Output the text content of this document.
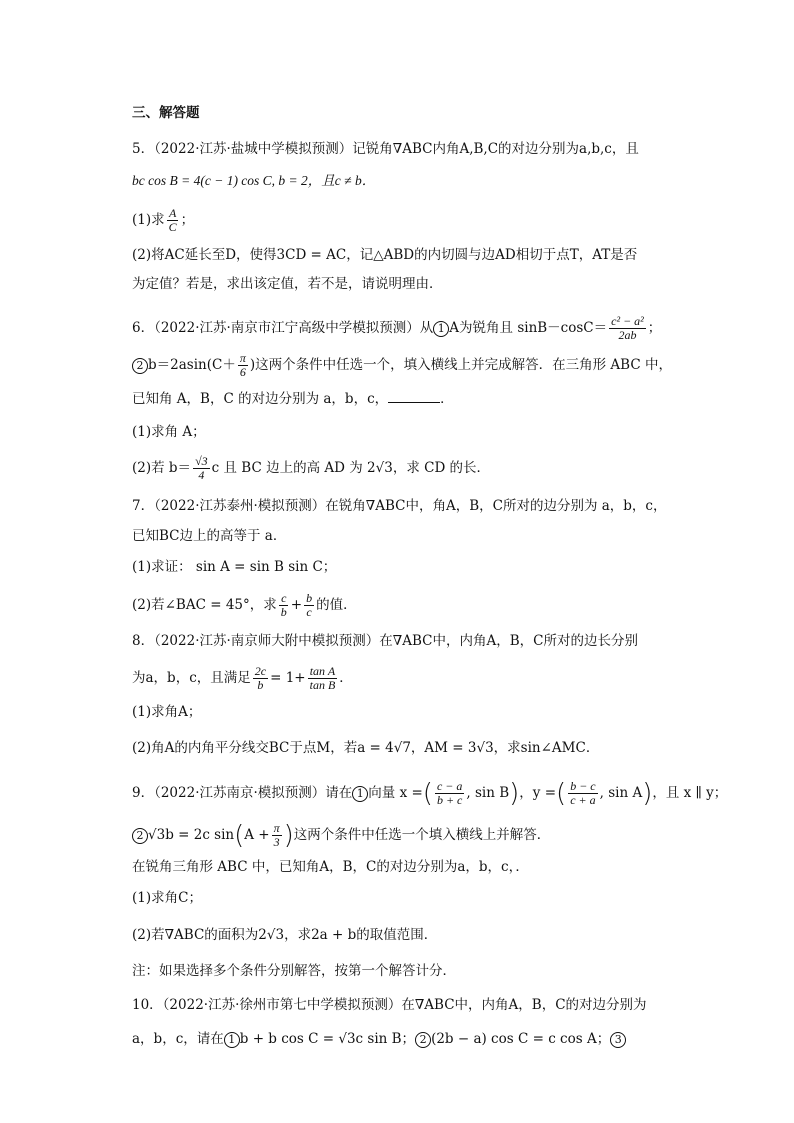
三、解答题
5．（2022·江苏·盐城中学模拟预测）记锐角∇ABC内角A,B,C的对边分别为a,b,c，且
bc cos B = 4(c − 1) cos C, b = 2，且c ≠ b．
(1)求 $\frac{A}{C}$ ；
(2)将AC延长至D，使得3CD = AC，记△ABD的内切圆与边AD相切于点T，AT是否
为定值？若是，求出该定值，若不是，请说明理由．
6．（2022·江苏·南京市江宁高级中学模拟预测）从 1 A为锐角且 $\sin B-\cos C= \frac{\text{c² − a²}}{2ab}$ ；
2 $b=2asin(C+ \frac{\pi}{6}$ )这两个条件中任选一个，填入横线上并完成解答．在三角形 ABC 中，
已知角 A，B，C 的对边分别为 a，b，c，	．
(1)求角 A；
(2)若 $b= \frac{√3}{4}$ c 且 BC 边上的高 AD 为 2√3，求 CD 的长．
7．（2022·江苏泰州·模拟预测）在锐角∇ABC中，角A，B，C所对的边分别为 a，b，c，
已知BC边上的高等于 a．
(1)求证： sin A = sin B sin C；
(2)若∠BAC = 45°，求 $\frac{c}{b} + \frac{b}{c}$ 的值．
8．（2022·江苏·南京师大附中模拟预测）在∇ABC中，内角A，B，C所对的边长分别
为a，b，c，且满足 $\frac{2c}{b} = 1+ \frac{\text{tan A}}{\text{tan B}}$ ．
(1)求角A；
(2)角A的内角平分线交BC于点M，若a = 4√7，AM = 3√3，求sin∠AMC．
9．（2022·江苏南京·模拟预测）请在 1 向量 x =( $\frac{c - a}{b + c}$ , sin B)，y =( $\frac{b - c}{c + a}$ , sin A)，且 x ∥ y；
2 √3b = 2c $\sin(A + \frac{\pi}{3}$ )这两个条件中任选一个填入横线上并解答．
在锐角三角形 ABC 中，已知角A，B，C的对边分别为a，b，c，．
(1)求角C；
(2)若∇ABC的面积为2√3，求2a + b的取值范围．
注：如果选择多个条件分别解答，按第一个解答计分．
10．（2022·江苏·徐州市第七中学模拟预测）在∇ABC中，内角A，B，C的对边分别为
a，b，c，请在 1 b + b cos C = √3c sin B； 2 (2b − a) cos C = c cos A； 3
